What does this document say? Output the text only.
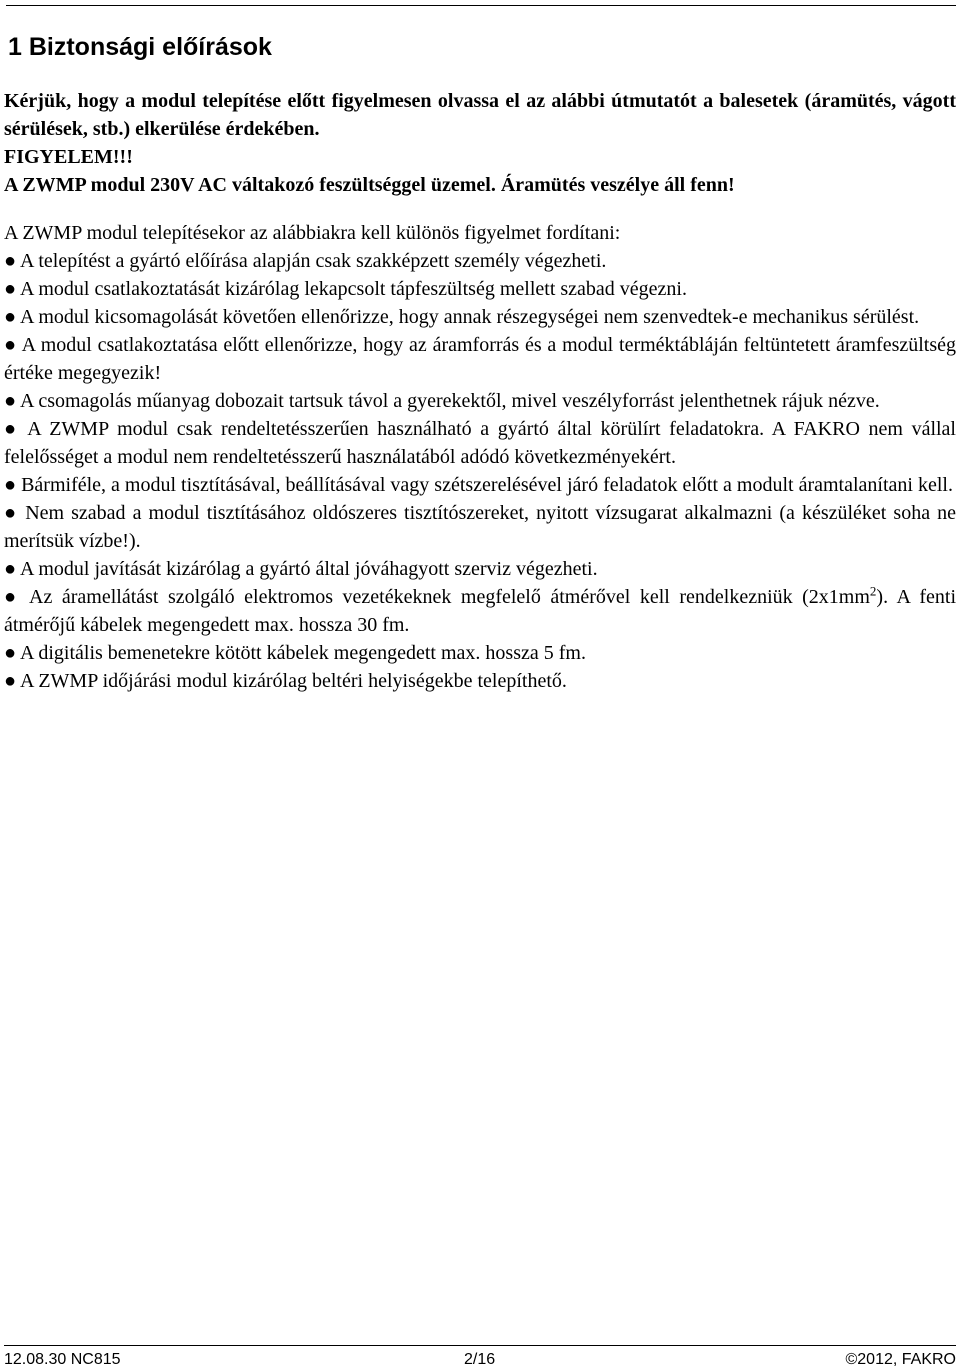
1 Biztonsági előírások

Kérjük, hogy a modul telepítése előtt figyelmesen olvassa el az alábbi útmutatót a balesetek (áramütés, vágott sérülések, stb.) elkerülése érdekében.

FIGYELEM!!!

A ZWMP modul 230V AC váltakozó feszültséggel üzemel. Áramütés veszélye áll fenn!

A ZWMP modul telepítésekor az alábbiakra kell különös figyelmet fordítani:

● A telepítést a gyártó előírása alapján csak szakképzett személy végezheti.

● A modul csatlakoztatását kizárólag lekapcsolt tápfeszültség mellett szabad végezni.

● A modul kicsomagolását követően ellenőrizze, hogy annak részegységei nem szenvedtek-e mechanikus sérülést.

● A modul csatlakoztatása előtt ellenőrizze, hogy az áramforrás és a modul terméktábláján feltüntetett áramfeszültség értéke megegyezik!

● A csomagolás műanyag dobozait tartsuk távol a gyerekektől, mivel veszélyforrást jelenthetnek rájuk nézve.

● A ZWMP modul csak rendeltetésszerűen használható a gyártó által körülírt feladatokra. A FAKRO nem vállal felelősséget a modul nem rendeltetésszerű használatából adódó következményekért.

● Bármiféle, a modul tisztításával, beállításával vagy szétszerelésével járó feladatok előtt a modult áramtalanítani kell.

● Nem szabad a modul tisztításához oldószeres tisztítószereket, nyitott vízsugarat alkalmazni (a készüléket soha ne merítsük vízbe!).

● A modul javítását kizárólag a gyártó által jóváhagyott szerviz végezheti.

● Az áramellátást szolgáló elektromos vezetékeknek megfelelő átmérővel kell rendelkezniük $(2x1mm^2)$. A fenti átmérőjű kábelek megengedett max. hossza 30 fm.

● A digitális bemenetekre kötött kábelek megengedett max. hossza 5 fm.

● A ZWMP időjárási modul kizárólag beltéri helyiségekbe telepíthető.

12.08.30 NC815	2/16	©2012, FAKRO
